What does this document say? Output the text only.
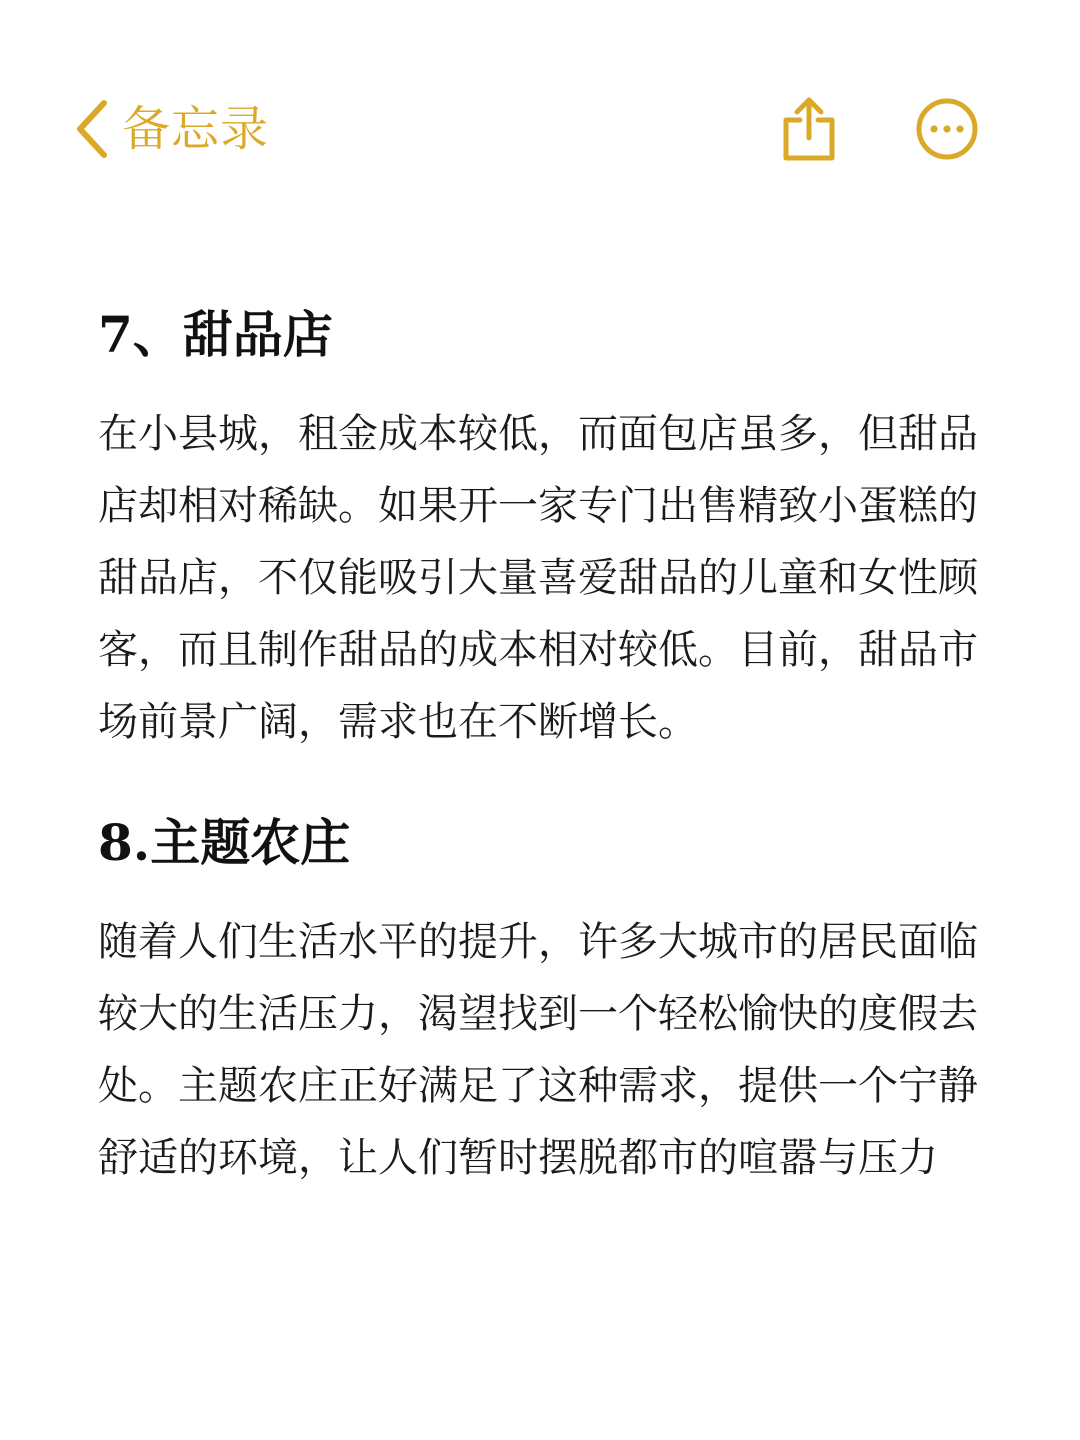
备忘录
7、甜品店

在小县城，租金成本较低，而面包店虽多，但甜品店却相对稀缺。如果开一家专门出售精致小蛋糕的甜品店，不仅能吸引大量喜爱甜品的儿童和女性顾客，而且制作甜品的成本相对较低。目前，甜品市场前景广阔，需求也在不断增长。

8.主题农庄

随着人们生活水平的提升，许多大城市的居民面临较大的生活压力，渴望找到一个轻松愉快的度假去处。主题农庄正好满足了这种需求，提供一个宁静舒适的环境，让人们暂时摆脱都市的喧嚣与压力
